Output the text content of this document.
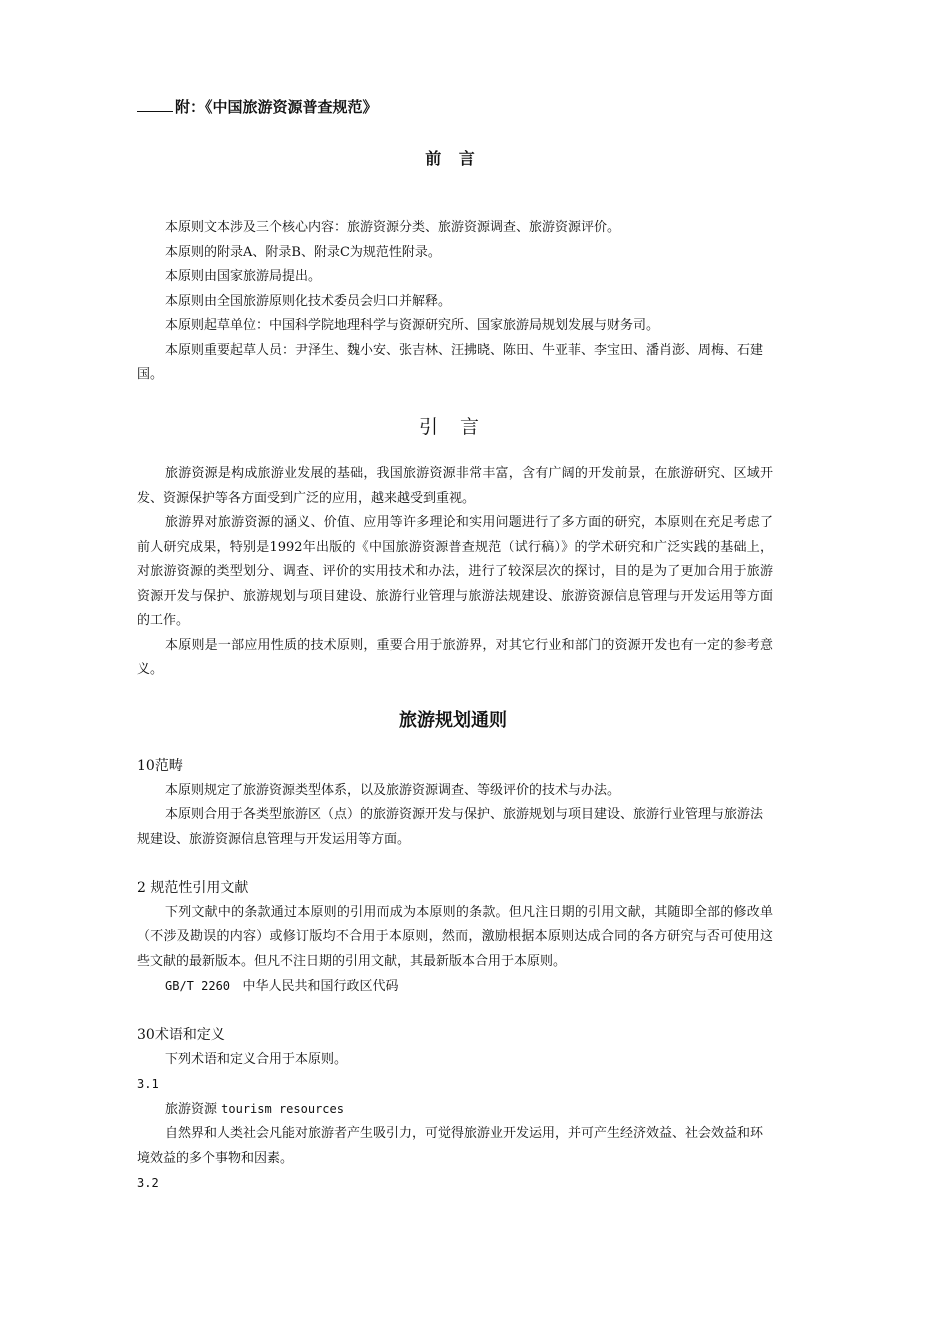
附：《中国旅游资源普查规范》
前 言

本原则文本涉及三个核心内容：旅游资源分类、旅游资源调查、旅游资源评价。

本原则的附录A、附录B、附录C为规范性附录。

本原则由国家旅游局提出。

本原则由全国旅游原则化技术委员会归口并解释。

本原则起草单位：中国科学院地理科学与资源研究所、国家旅游局规划发展与财务司。

本原则重要起草人员：尹泽生、魏小安、张吉林、汪拂晓、陈田、牛亚菲、李宝田、潘肖澎、周梅、石建国。

引 言

旅游资源是构成旅游业发展的基础，我国旅游资源非常丰富，含有广阔的开发前景，在旅游研究、区域开发、资源保护等各方面受到广泛的应用，越来越受到重视。

旅游界对旅游资源的涵义、价值、应用等许多理论和实用问题进行了多方面的研究，本原则在充足考虑了前人研究成果，特别是1992年出版的《中国旅游资源普查规范（试行稿）》的学术研究和广泛实践的基础上，对旅游资源的类型划分、调查、评价的实用技术和办法，进行了较深层次的探讨，目的是为了更加合用于旅游资源开发与保护、旅游规划与项目建设、旅游行业管理与旅游法规建设、旅游资源信息管理与开发运用等方面的工作。

本原则是一部应用性质的技术原则，重要合用于旅游界，对其它行业和部门的资源开发也有一定的参考意义。

旅游规划通则

10范畴

本原则规定了旅游资源类型体系，以及旅游资源调查、等级评价的技术与办法。

本原则合用于各类型旅游区（点）的旅游资源开发与保护、旅游规划与项目建设、旅游行业管理与旅游法规建设、旅游资源信息管理与开发运用等方面。

2 规范性引用文献

下列文献中的条款通过本原则的引用而成为本原则的条款。但凡注日期的引用文献，其随即全部的修改单（不涉及勘误的内容）或修订版均不合用于本原则，然而，激励根据本原则达成合同的各方研究与否可使用这些文献的最新版本。但凡不注日期的引用文献，其最新版本合用于本原则。

GB/T 2260 中华人民共和国行政区代码

30术语和定义

下列术语和定义合用于本原则。

3.1

旅游资源 tourism resources

自然界和人类社会凡能对旅游者产生吸引力，可觉得旅游业开发运用，并可产生经济效益、社会效益和环境效益的多个事物和因素。

3.2
